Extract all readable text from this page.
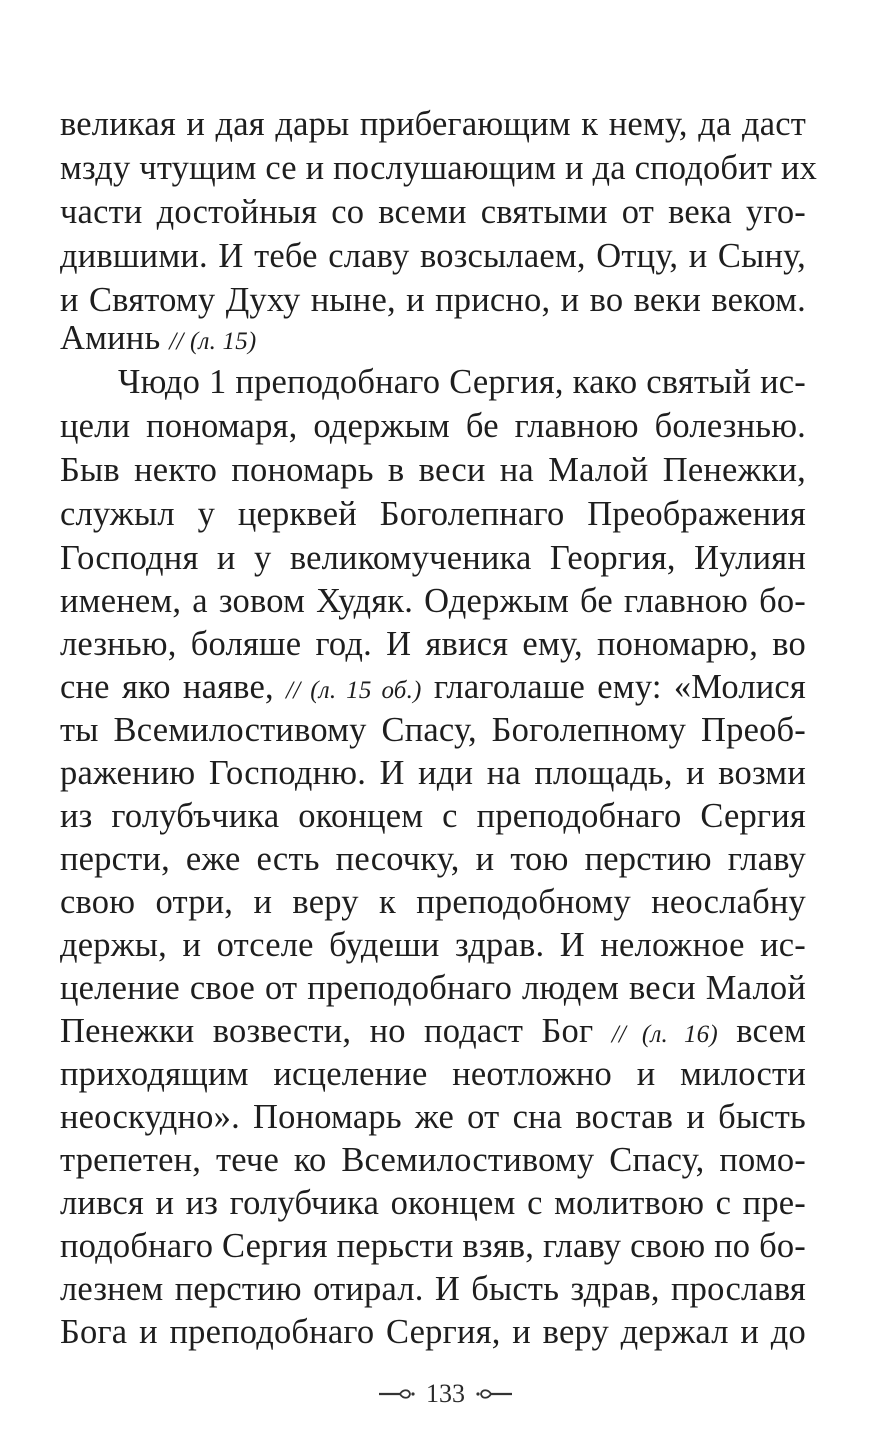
великая и дая дары прибегающим к нему, да даст
мзду чтущим се и послушающим и да сподобит их
части достойныя со всеми святыми от века уго-
дившими. И тебе славу возсылаем, Отцу, и Сыну,
и Святому Духу ныне, и присно, и во веки веком.
Аминь // (л. 15)
Чюдо 1 преподобнаго Сергия, како святый ис-
цели пономаря, одержым бе главною болезнью.
Быв некто пономарь в веси на Малой Пенежки,
служыл у церквей Боголепнаго Преображения
Господня и у великомученика Георгия, Иулиян
именем, а зовом Худяк. Одержым бе главною бо-
лезнью, боляше год. И явися ему, пономарю, во
сне яко наяве, // (л. 15 об.) глаголаше ему: «Молися
ты Всемилостивому Спасу, Боголепному Преоб-
ражению Господню. И иди на площадь, и возми
из голубъчика оконцем с преподобнаго Сергия
персти, еже есть песочку, и тою перстию главу
свою отри, и веру к преподобному неослабну
держы, и отселе будеши здрав. И неложное ис-
целение свое от преподобнаго людем веси Малой
Пенежки возвести, но подаст Бог // (л. 16) всем
приходящим исцеление неотложно и милости
неоскудно». Пономарь же от сна востав и бысть
трепетен, тече ко Всемилостивому Спасу, помо-
лився и из голубчика оконцем с молитвою с пре-
подобнаго Сергия перьсти взяв, главу свою по бо-
лезнем перстию отирал. И бысть здрав, прославя
Бога и преподобнаго Сергия, и веру держал и до
133
